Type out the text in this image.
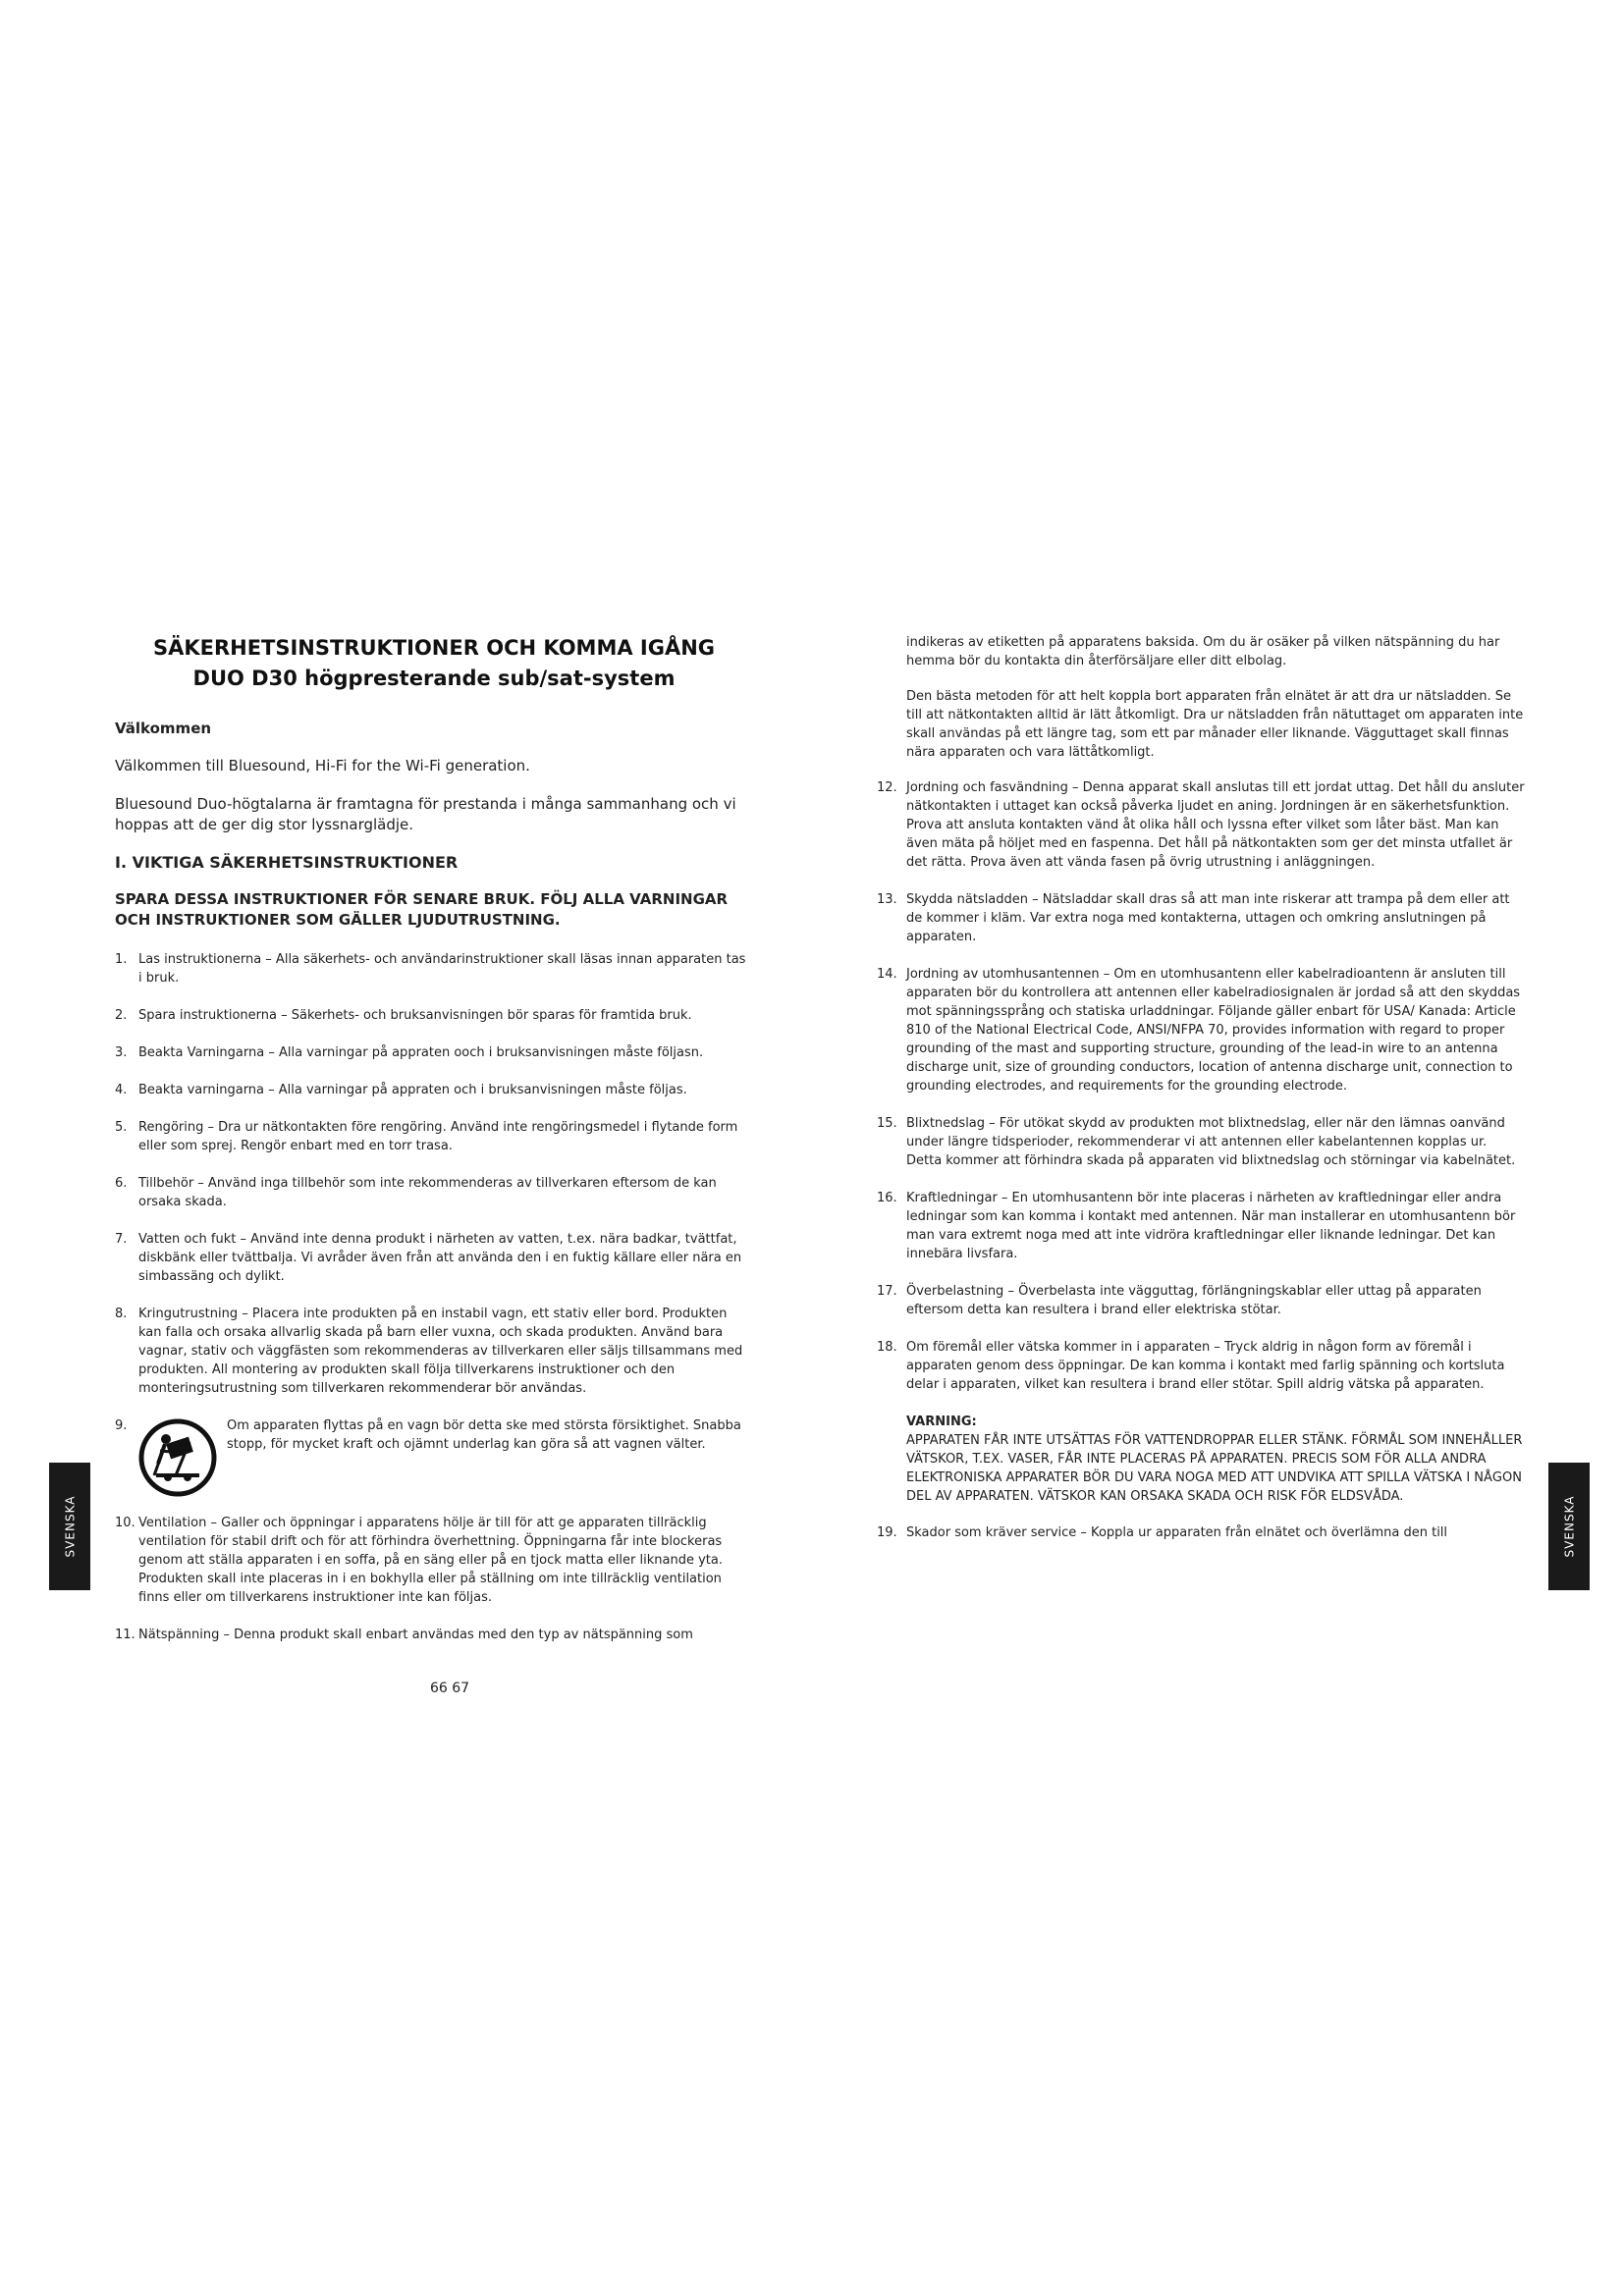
SÄKERHETSINSTRUKTIONER OCH KOMMA IGÅNG

DUO D30 högpresterande sub/sat-system

Välkommen

Välkommen till Bluesound, Hi-Fi for the Wi-Fi generation.

Bluesound Duo-högtalarna är framtagna för prestanda i många sammanhang och vi hoppas att de ger dig stor lyssnarglädje.

I. VIKTIGA SÄKERHETSINSTRUKTIONER

SPARA DESSA INSTRUKTIONER FÖR SENARE BRUK. FÖLJ ALLA VARNINGAR OCH INSTRUKTIONER SOM GÄLLER LJUDUTRUSTNING.

1. Las instruktionerna – Alla säkerhets- och användarinstruktioner skall läsas innan apparaten tas i bruk.
2. Spara instruktionerna – Säkerhets- och bruksanvisningen bör sparas för framtida bruk.
3. Beakta Varningarna – Alla varningar på appraten ooch i bruksanvisningen måste följasn.
4. Beakta varningarna – Alla varningar på appraten och i bruksanvisningen måste följas.
5. Rengöring – Dra ur nätkontakten före rengöring. Använd inte rengöringsmedel i flytande form eller som sprej. Rengör enbart med en torr trasa.
6. Tillbehör – Använd inga tillbehör som inte rekommenderas av tillverkaren eftersom de kan orsaka skada.
7. Vatten och fukt – Använd inte denna produkt i närheten av vatten, t.ex. nära badkar, tvättfat, diskbänk eller tvättbalja. Vi avråder även från att använda den i en fuktig källare eller nära en simbassäng och dylikt.
8. Kringutrustning – Placera inte produkten på en instabil vagn, ett stativ eller bord. Produkten kan falla och orsaka allvarlig skada på barn eller vuxna, och skada produkten. Använd bara vagnar, stativ och väggfästen som rekommenderas av tillverkaren eller säljs tillsammans med produkten. All montering av produkten skall följa tillverkarens instruktioner och den monteringsutrustning som tillverkaren rekommenderar bör användas.
9.	Om apparaten flyttas på en vagn bör detta ske med största försiktighet. Snabba stopp, för mycket kraft och ojämnt underlag kan göra så att vagnen välter.
10. Ventilation – Galler och öppningar i apparatens hölje är till för att ge apparaten tillräcklig ventilation för stabil drift och för att förhindra överhettning. Öppningarna får inte blockeras genom att ställa apparaten i en soffa, på en säng eller på en tjock matta eller liknande yta. Produkten skall inte placeras in i en bokhylla eller på ställning om inte tillräcklig ventilation finns eller om tillverkarens instruktioner inte kan följas.
11. Nätspänning – Denna produkt skall enbart användas med den typ av nätspänning som
66 67

indikeras av etiketten på apparatens baksida. Om du är osäker på vilken nätspänning du har hemma bör du kontakta din återförsäljare eller ditt elbolag.

Den bästa metoden för att helt koppla bort apparaten från elnätet är att dra ur nätsladden. Se till att nätkontakten alltid är lätt åtkomligt. Dra ur nätsladden från nätuttaget om apparaten inte skall användas på ett längre tag, som ett par månader eller liknande. Vägguttaget skall finnas nära apparaten och vara lättåtkomligt.

12. Jordning och fasvändning – Denna apparat skall anslutas till ett jordat uttag. Det håll du ansluter nätkontakten i uttaget kan också påverka ljudet en aning. Jordningen är en säkerhetsfunktion. Prova att ansluta kontakten vänd åt olika håll och lyssna efter vilket som låter bäst. Man kan även mäta på höljet med en faspenna. Det håll på nätkontakten som ger det minsta utfallet är det rätta. Prova även att vända fasen på övrig utrustning i anläggningen.
13. Skydda nätsladden – Nätsladdar skall dras så att man inte riskerar att trampa på dem eller att de kommer i kläm. Var extra noga med kontakterna, uttagen och omkring anslutningen på apparaten.
14. Jordning av utomhusantennen – Om en utomhusantenn eller kabelradioantenn är ansluten till apparaten bör du kontrollera att antennen eller kabelradiosignalen är jordad så att den skyddas mot spänningssprång och statiska urladdningar. Följande gäller enbart för USA/ Kanada: Article 810 of the National Electrical Code, ANSI/NFPA 70, provides information with regard to proper grounding of the mast and supporting structure, grounding of the lead-in wire to an antenna discharge unit, size of grounding conductors, location of antenna discharge unit, connection to grounding electrodes, and requirements for the grounding electrode.
15. Blixtnedslag – För utökat skydd av produkten mot blixtnedslag, eller när den lämnas oanvänd under längre tidsperioder, rekommenderar vi att antennen eller kabelantennen kopplas ur. Detta kommer att förhindra skada på apparaten vid blixtnedslag och störningar via kabelnätet.
16. Kraftledningar – En utomhusantenn bör inte placeras i närheten av kraftledningar eller andra ledningar som kan komma i kontakt med antennen. När man installerar en utomhusantenn bör man vara extremt noga med att inte vidröra kraftledningar eller liknande ledningar. Det kan innebära livsfara.
17. Överbelastning – Överbelasta inte vägguttag, förlängningskablar eller uttag på apparaten eftersom detta kan resultera i brand eller elektriska stötar.
18. Om föremål eller vätska kommer in i apparaten – Tryck aldrig in någon form av föremål i apparaten genom dess öppningar. De kan komma i kontakt med farlig spänning och kortsluta delar i apparaten, vilket kan resultera i brand eller stötar. Spill aldrig vätska på apparaten.

VARNING:

APPARATEN FÅR INTE UTSÄTTAS FÖR VATTENDROPPAR ELLER STÄNK. FÖRMÅL SOM INNEHÅLLER VÄTSKOR, T.EX. VASER, FÅR INTE PLACERAS PÅ APPARATEN. PRECIS SOM FÖR ALLA ANDRA ELEKTRONISKA APPARATER BÖR DU VARA NOGA MED ATT UNDVIKA ATT SPILLA VÄTSKA I NÅGON DEL AV APPARATEN. VÄTSKOR KAN ORSAKA SKADA OCH RISK FÖR ELDSVÅDA.

19. Skador som kräver service – Koppla ur apparaten från elnätet och överlämna den till
SVENSKA	SVENSKA
